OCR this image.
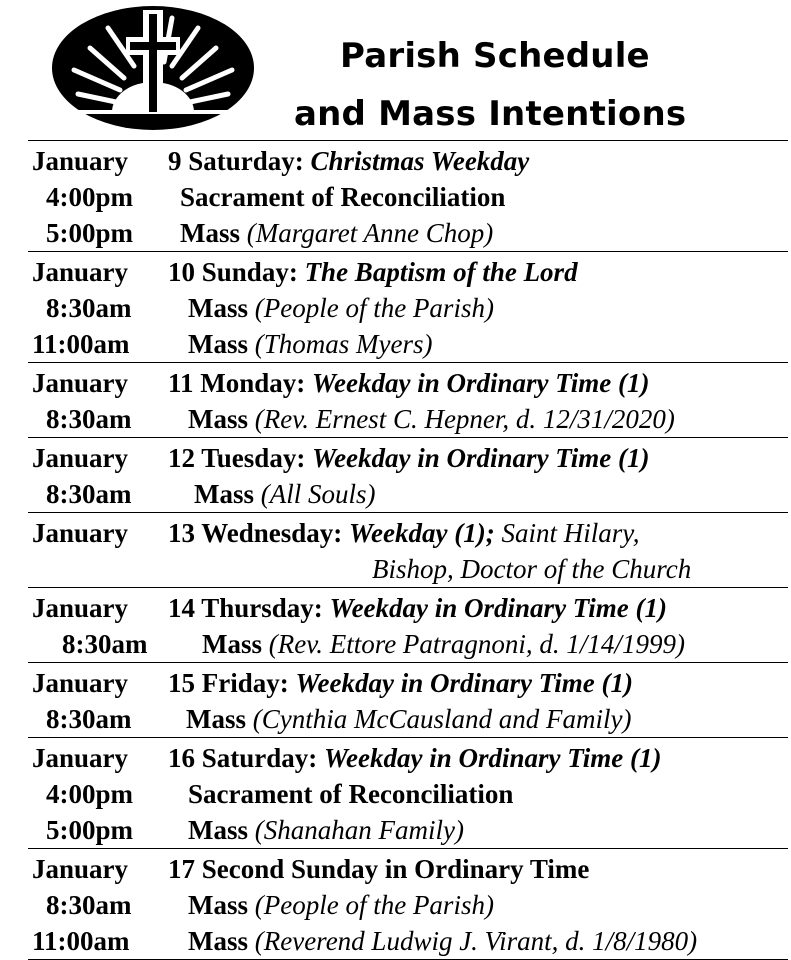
Parish Schedule
and Mass Intentions
January 9 Saturday: Christmas Weekday
4:00pm Sacrament of Reconciliation
5:00pm Mass (Margaret Anne Chop)
January 10 Sunday: The Baptism of the Lord
8:30am Mass (People of the Parish)
11:00am Mass (Thomas Myers)
January 11 Monday: Weekday in Ordinary Time (1)
8:30am Mass (Rev. Ernest C. Hepner, d. 12/31/2020)
January 12 Tuesday: Weekday in Ordinary Time (1)
8:30am Mass (All Souls)
January 13 Wednesday: Weekday (1); Saint Hilary,
Bishop, Doctor of the Church
January 14 Thursday: Weekday in Ordinary Time (1)
8:30am Mass (Rev. Ettore Patragnoni, d. 1/14/1999)
January 15 Friday: Weekday in Ordinary Time (1)
8:30am Mass (Cynthia McCausland and Family)
January 16 Saturday: Weekday in Ordinary Time (1)
4:00pm Sacrament of Reconciliation
5:00pm Mass (Shanahan Family)
January 17 Second Sunday in Ordinary Time
8:30am Mass (People of the Parish)
11:00am Mass (Reverend Ludwig J. Virant, d. 1/8/1980)
